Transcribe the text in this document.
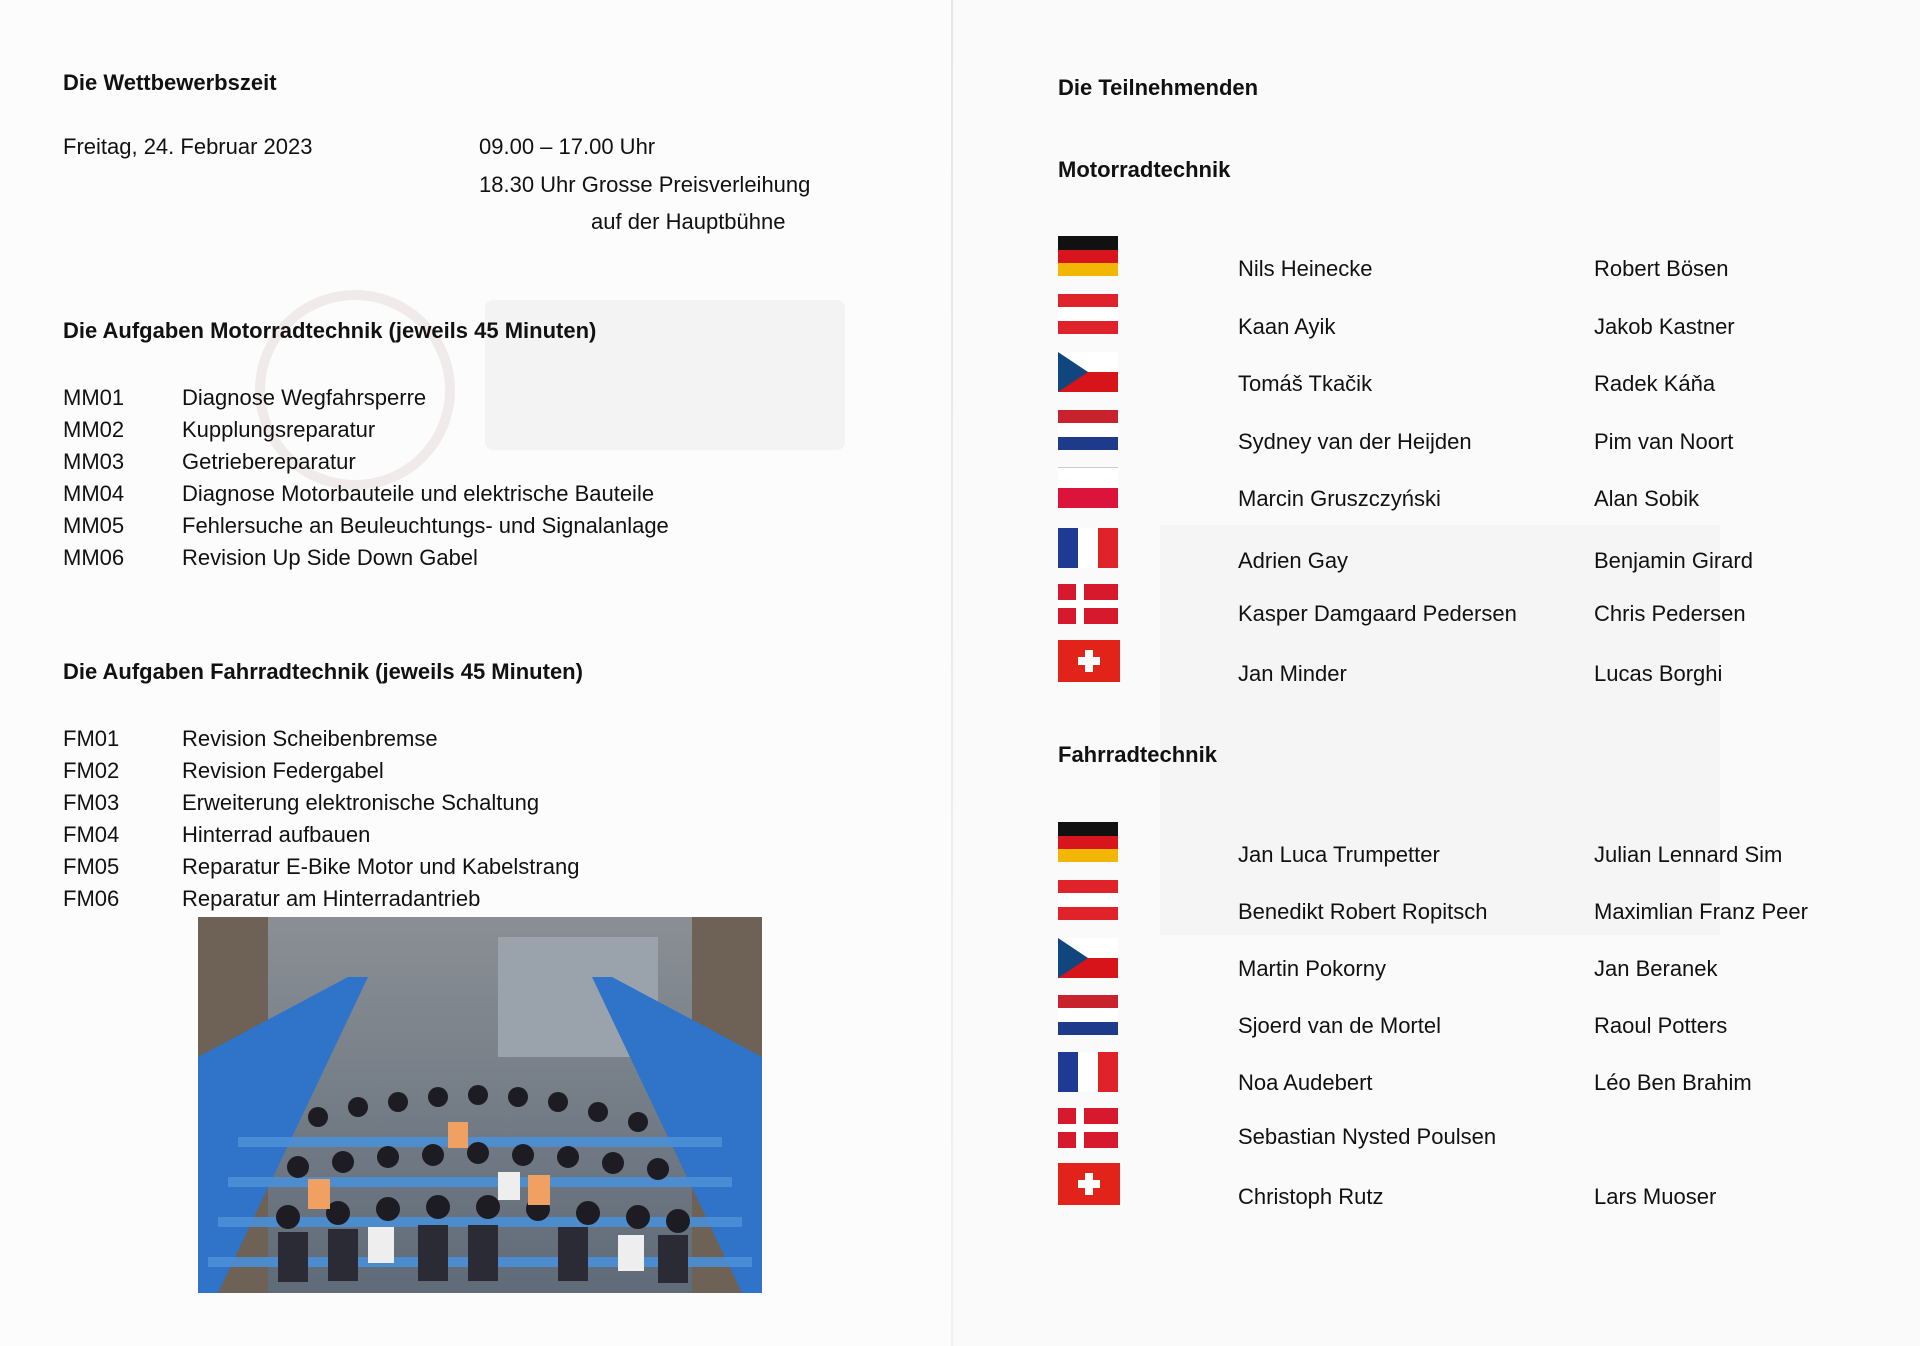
Die Wettbewerbszeit
Freitag, 24. Februar 2023	09.00 – 17.00 Uhr
18.30 Uhr Grosse Preisverleihung
auf der Hauptbühne
Die Aufgaben Motorradtechnik (jeweils 45 Minuten)
MM01	Diagnose Wegfahrsperre
MM02	Kupplungsreparatur
MM03	Getriebereparatur
MM04	Diagnose Motorbauteile und elektrische Bauteile
MM05	Fehlersuche an Beuleuchtungs- und Signalanlage
MM06	Revision Up Side Down Gabel
Die Aufgaben Fahrradtechnik (jeweils 45 Minuten)
FM01	Revision Scheibenbremse
FM02	Revision Federgabel
FM03	Erweiterung elektronische Schaltung
FM04	Hinterrad aufbauen
FM05	Reparatur E-Bike Motor und Kabelstrang
FM06	Reparatur am Hinterradantrieb
Die Teilnehmenden
Motorradtechnik
Nils Heinecke	Robert Bösen
Kaan Ayik	Jakob Kastner
Tomáš Tkačik	Radek Káňa
Sydney van der Heijden	Pim van Noort
Marcin Gruszczyński	Alan Sobik
Adrien Gay	Benjamin Girard
Kasper Damgaard Pedersen	Chris Pedersen
Jan Minder	Lucas Borghi
Fahrradtechnik
Jan Luca Trumpetter	Julian Lennard Sim
Benedikt Robert Ropitsch	Maximlian Franz Peer
Martin Pokorny	Jan Beranek
Sjoerd van de Mortel	Raoul Potters
Noa Audebert	Léo Ben Brahim
Sebastian Nysted Poulsen
Christoph Rutz	Lars Muoser
